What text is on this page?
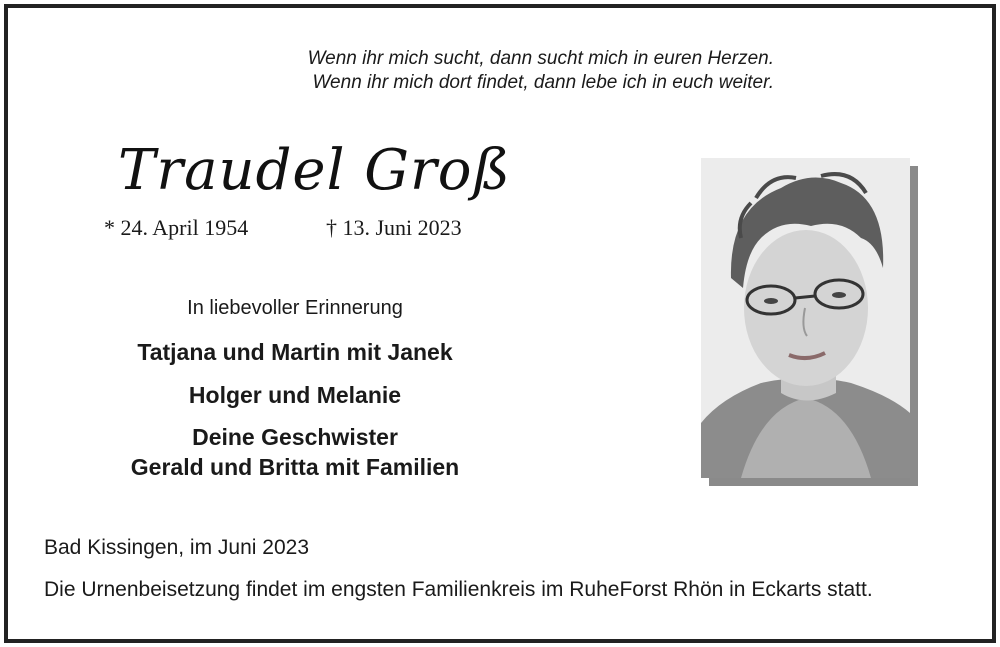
Wenn ihr mich sucht, dann sucht mich in euren Herzen.
Wenn ihr mich dort findet, dann lebe ich in euch weiter.
Traudel Groß
* 24. April 1954	† 13. Juni 2023
In liebevoller Erinnerung
Tatjana und Martin mit Janek
Holger und Melanie
Deine Geschwister
Gerald und Britta mit Familien
Bad Kissingen, im Juni 2023
Die Urnenbeisetzung findet im engsten Familienkreis im RuheForst Rhön in Eckarts statt.
